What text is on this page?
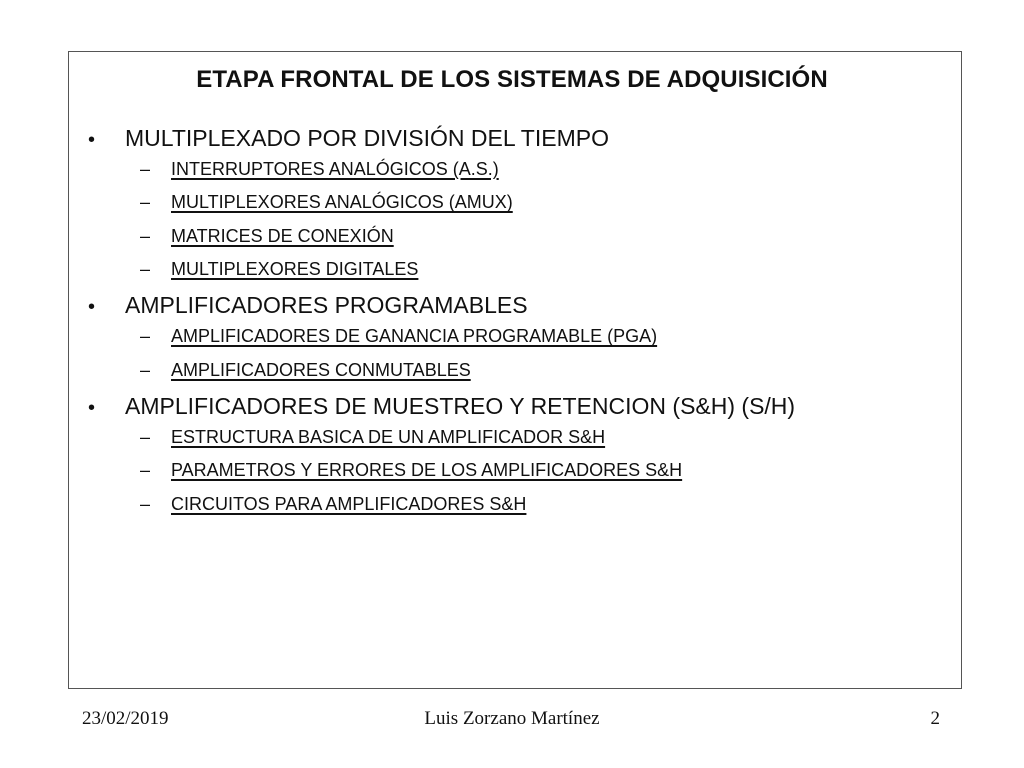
ETAPA FRONTAL DE LOS SISTEMAS DE ADQUISICIÓN
•	MULTIPLEXADO POR DIVISIÓN DEL TIEMPO
–	INTERRUPTORES ANALÓGICOS (A.S.)
–	MULTIPLEXORES ANALÓGICOS (AMUX)
–	MATRICES DE CONEXIÓN
–	MULTIPLEXORES DIGITALES
•	AMPLIFICADORES PROGRAMABLES
–	AMPLIFICADORES DE GANANCIA PROGRAMABLE (PGA)
–	AMPLIFICADORES CONMUTABLES
•	AMPLIFICADORES DE MUESTREO Y RETENCION (S&H) (S/H)
–	ESTRUCTURA BASICA DE UN AMPLIFICADOR S&H
–	PARAMETROS Y ERRORES DE LOS AMPLIFICADORES S&H
–	CIRCUITOS PARA AMPLIFICADORES S&H
23/02/2019	Luis Zorzano Martínez	2
